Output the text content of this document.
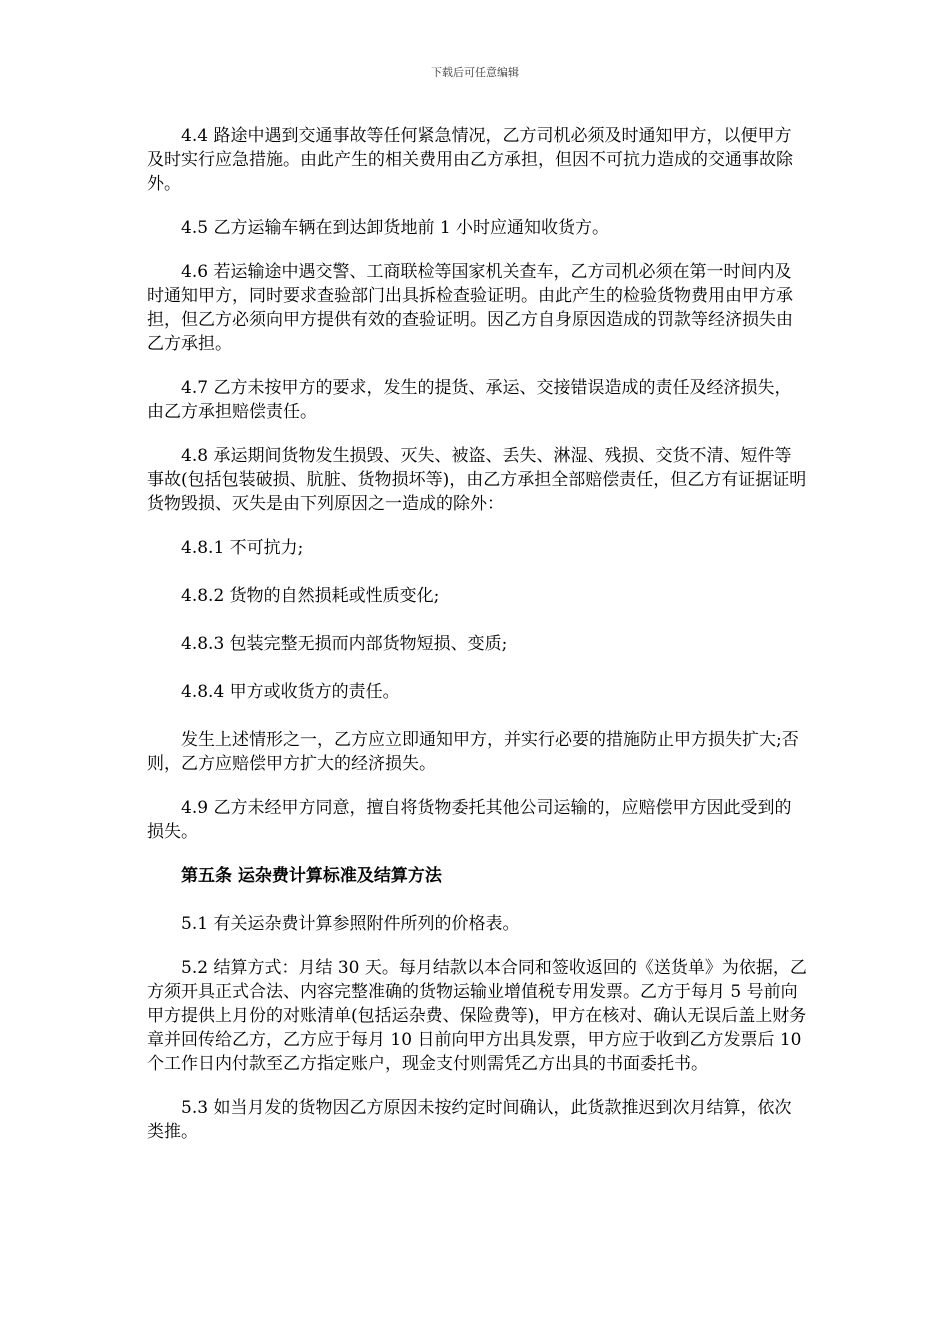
下载后可任意编辑

4.4 路途中遇到交通事故等任何紧急情况，乙方司机必须及时通知甲方，以便甲方及时实行应急措施。由此产生的相关费用由乙方承担，但因不可抗力造成的交通事故除外。

4.5 乙方运输车辆在到达卸货地前 1 小时应通知收货方。

4.6 若运输途中遇交警、工商联检等国家机关查车，乙方司机必须在第一时间内及时通知甲方，同时要求查验部门出具拆检查验证明。由此产生的检验货物费用由甲方承担，但乙方必须向甲方提供有效的查验证明。因乙方自身原因造成的罚款等经济损失由乙方承担。

4.7 乙方未按甲方的要求，发生的提货、承运、交接错误造成的责任及经济损失，由乙方承担赔偿责任。

4.8 承运期间货物发生损毁、灭失、被盗、丢失、淋湿、残损、交货不清、短件等事故(包括包装破损、肮脏、货物损坏等)，由乙方承担全部赔偿责任，但乙方有证据证明货物毁损、灭失是由下列原因之一造成的除外：

4.8.1 不可抗力;

4.8.2 货物的自然损耗或性质变化;

4.8.3 包装完整无损而内部货物短损、变质;

4.8.4 甲方或收货方的责任。

发生上述情形之一，乙方应立即通知甲方，并实行必要的措施防止甲方损失扩大;否则，乙方应赔偿甲方扩大的经济损失。

4.9 乙方未经甲方同意，擅自将货物委托其他公司运输的，应赔偿甲方因此受到的损失。

第五条 运杂费计算标准及结算方法

5.1 有关运杂费计算参照附件所列的价格表。

5.2 结算方式：月结 30 天。每月结款以本合同和签收返回的《送货单》为依据，乙方须开具正式合法、内容完整准确的货物运输业增值税专用发票。乙方于每月 5 号前向甲方提供上月份的对账清单(包括运杂费、保险费等)，甲方在核对、确认无误后盖上财务章并回传给乙方，乙方应于每月 10 日前向甲方出具发票，甲方应于收到乙方发票后 10 个工作日内付款至乙方指定账户，现金支付则需凭乙方出具的书面委托书。

5.3 如当月发的货物因乙方原因未按约定时间确认，此货款推迟到次月结算，依次类推。
